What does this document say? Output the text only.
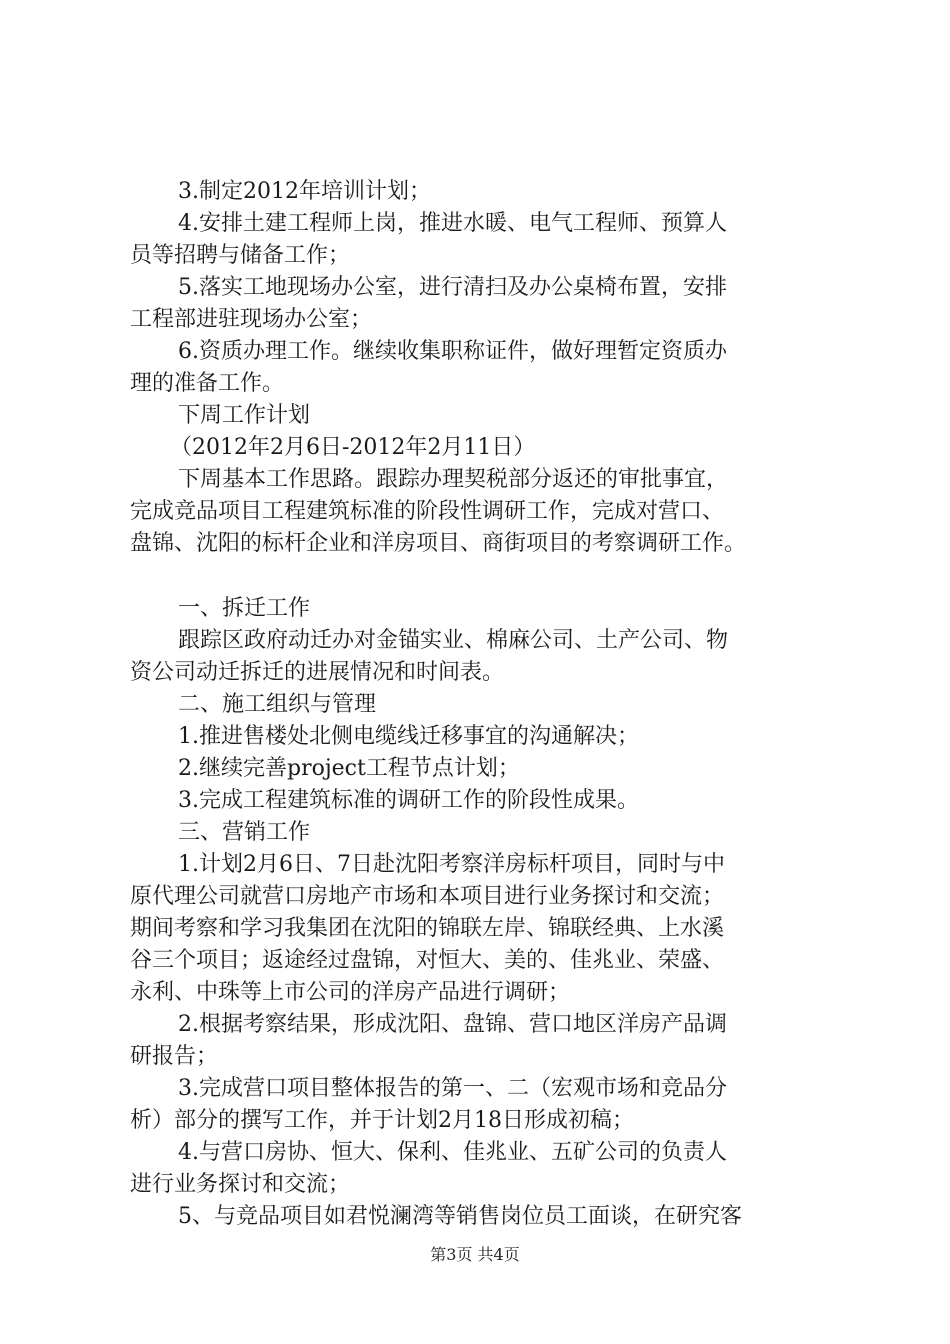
3.制定2012年培训计划；
4.安排土建工程师上岗，推进水暖、电气工程师、预算人
员等招聘与储备工作；
5.落实工地现场办公室，进行清扫及办公桌椅布置，安排
工程部进驻现场办公室；
6.资质办理工作。继续收集职称证件，做好理暂定资质办
理的准备工作。
下周工作计划
（2012年2月6日-2012年2月11日）
下周基本工作思路。跟踪办理契税部分返还的审批事宜，
完成竞品项目工程建筑标准的阶段性调研工作，完成对营口、
盘锦、沈阳的标杆企业和洋房项目、商街项目的考察调研工作。
一、拆迁工作
跟踪区政府动迁办对金锚实业、棉麻公司、土产公司、物
资公司动迁拆迁的进展情况和时间表。
二、施工组织与管理
1.推进售楼处北侧电缆线迁移事宜的沟通解决；
2.继续完善project工程节点计划；
3.完成工程建筑标准的调研工作的阶段性成果。
三、营销工作
1.计划2月6日、7日赴沈阳考察洋房标杆项目，同时与中
原代理公司就营口房地产市场和本项目进行业务探讨和交流；
期间考察和学习我集团在沈阳的锦联左岸、锦联经典、上水溪
谷三个项目；返途经过盘锦，对恒大、美的、佳兆业、荣盛、
永利、中珠等上市公司的洋房产品进行调研；
2.根据考察结果，形成沈阳、盘锦、营口地区洋房产品调
研报告；
3.完成营口项目整体报告的第一、二（宏观市场和竞品分
析）部分的撰写工作，并于计划2月18日形成初稿；
4.与营口房协、恒大、保利、佳兆业、五矿公司的负责人
进行业务探讨和交流；
5、与竞品项目如君悦澜湾等销售岗位员工面谈，在研究客
第3页 共4页
